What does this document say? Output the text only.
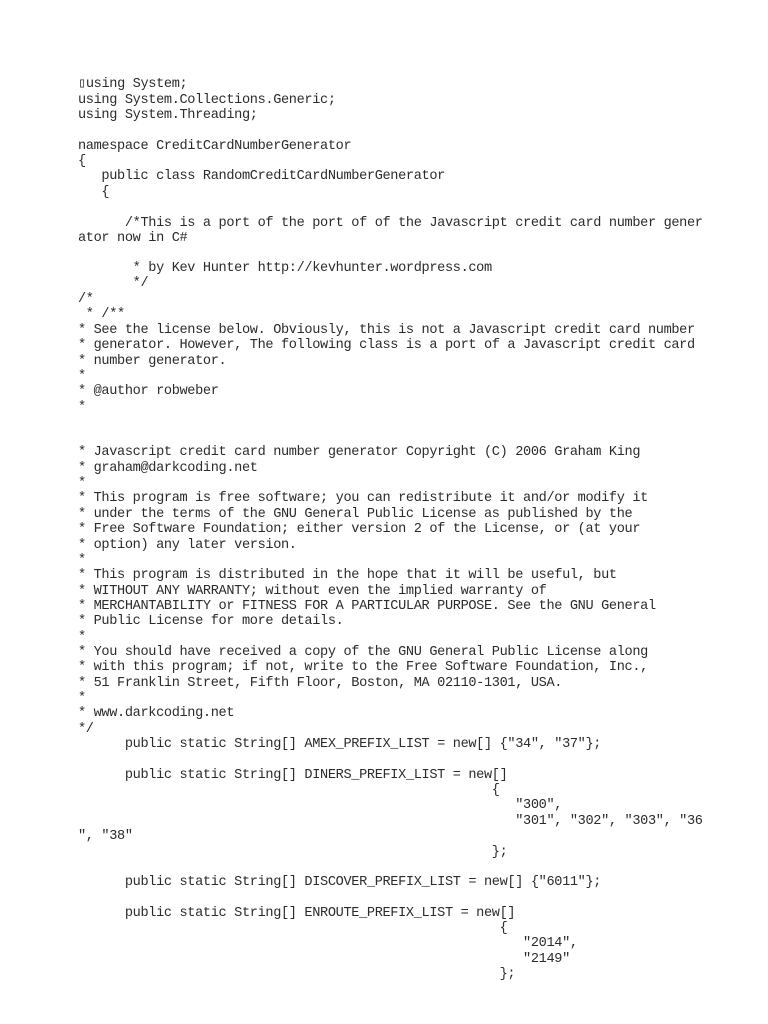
▯using System;
using System.Collections.Generic;
using System.Threading;
namespace CreditCardNumberGenerator
{
public class RandomCreditCardNumberGenerator
{
/*This is a port of the port of of the Javascript credit card number gener
ator now in C#
* by Kev Hunter http://kevhunter.wordpress.com
*/
/*
* /**
* See the license below. Obviously, this is not a Javascript credit card number
* generator. However, The following class is a port of a Javascript credit card
* number generator.
*
* @author robweber
*
* Javascript credit card number generator Copyright (C) 2006 Graham King
* graham@darkcoding.net
*
* This program is free software; you can redistribute it and/or modify it
* under the terms of the GNU General Public License as published by the
* Free Software Foundation; either version 2 of the License, or (at your
* option) any later version.
*
* This program is distributed in the hope that it will be useful, but
* WITHOUT ANY WARRANTY; without even the implied warranty of
* MERCHANTABILITY or FITNESS FOR A PARTICULAR PURPOSE. See the GNU General
* Public License for more details.
*
* You should have received a copy of the GNU General Public License along
* with this program; if not, write to the Free Software Foundation, Inc.,
* 51 Franklin Street, Fifth Floor, Boston, MA 02110-1301, USA.
*
* www.darkcoding.net
*/
public static String[] AMEX_PREFIX_LIST = new[] {"34", "37"};
public static String[] DINERS_PREFIX_LIST = new[]
{
"300",
"301", "302", "303", "36
", "38"
};
public static String[] DISCOVER_PREFIX_LIST = new[] {"6011"};
public static String[] ENROUTE_PREFIX_LIST = new[]
{
"2014",
"2149"
};
